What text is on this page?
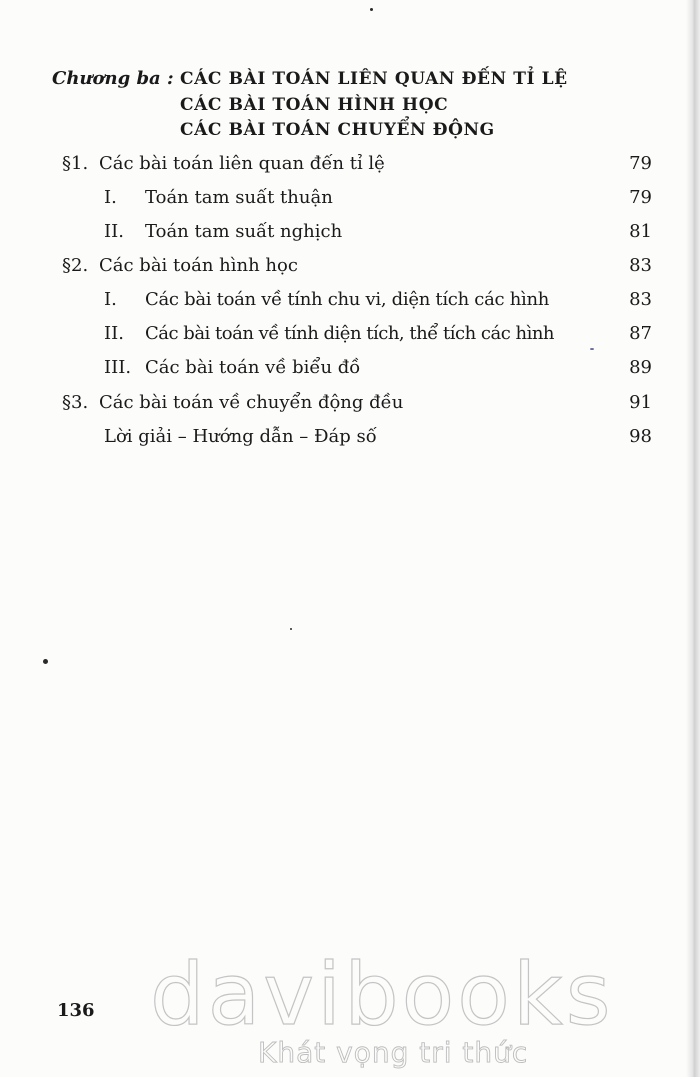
Chương ba : CÁC BÀI TOÁN LIÊN QUAN ĐẾN TỈ LỆ
CÁC BÀI TOÁN HÌNH HỌC
CÁC BÀI TOÁN CHUYỂN ĐỘNG
§1. Các bài toán liên quan đến tỉ lệ	79
I. Toán tam suất thuận	79
II. Toán tam suất nghịch	81
§2. Các bài toán hình học	83
I. Các bài toán về tính chu vi, diện tích các hình	83
II. Các bài toán về tính diện tích, thể tích các hình	87
III. Các bài toán về biểu đồ	89
§3. Các bài toán về chuyển động đều	91
Lời giải – Hướng dẫn – Đáp số	98
136 davibooks
Khát vọng tri thức
